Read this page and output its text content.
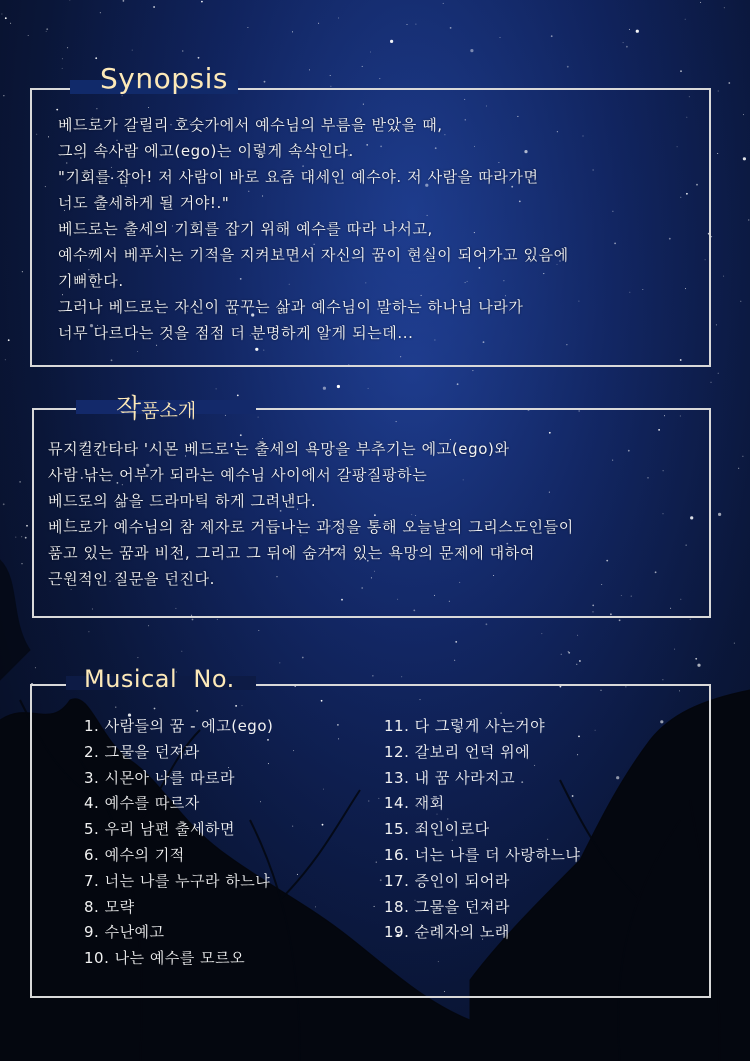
Synopsis
베드로가 갈릴리 호숫가에서 예수님의 부름을 받았을 때,
그의 속사람 에고(ego)는 이렇게 속삭인다.
"기회를 잡아! 저 사람이 바로 요즘 대세인 예수야. 저 사람을 따라가면
너도 출세하게 될 거야!."
베드로는 출세의 기회를 잡기 위해 예수를 따라 나서고,
예수께서 베푸시는 기적을 지켜보면서 자신의 꿈이 현실이 되어가고 있음에
기뻐한다.
그러나 베드로는 자신이 꿈꾸는 삶과 예수님이 말하는 하나님 나라가
너무 다르다는 것을 점점 더 분명하게 알게 되는데...
작품소개
뮤지컬칸타타 '시몬 베드로'는 출세의 욕망을 부추기는 에고(ego)와
사람 낚는 어부가 되라는 예수님 사이에서 갈팡질팡하는
베드로의 삶을 드라마틱 하게 그려낸다.
베드로가 예수님의 참 제자로 거듭나는 과정을 통해 오늘날의 그리스도인들이
품고 있는 꿈과 비전, 그리고 그 뒤에 숨겨져 있는 욕망의 문제에 대하여
근원적인 질문을 던진다.
Musical  No.
1. 사람들의 꿈 - 에고(ego)
2. 그물을 던져라
3. 시몬아 나를 따르라
4. 예수를 따르자
5. 우리 남편 출세하면
6. 예수의 기적
7. 너는 나를 누구라 하느냐
8. 모략
9. 수난예고
10. 나는 예수를 모르오
11. 다 그렇게 사는거야
12. 갈보리 언덕 위에
13. 내 꿈 사라지고
14. 재회
15. 죄인이로다
16. 너는 나를 더 사랑하느냐
17. 증인이 되어라
18. 그물을 던져라
19. 순례자의 노래
